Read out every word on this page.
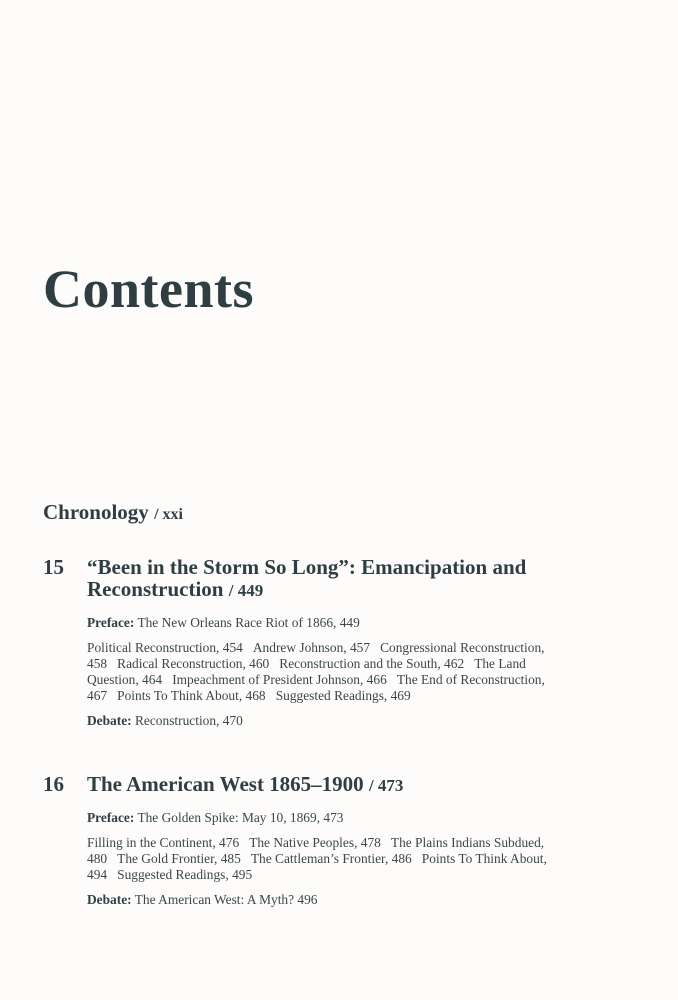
Contents
Chronology / xxi
15	“Been in the Storm So Long”: Emancipation and Reconstruction / 449

Preface: The New Orleans Race Riot of 1866, 449

Political Reconstruction, 454 Andrew Johnson, 457 Congressional Reconstruction, 458 Radical Reconstruction, 460 Reconstruction and the South, 462 The Land Question, 464 Impeachment of President Johnson, 466 The End of Reconstruction, 467 Points To Think About, 468 Suggested Readings, 469

Debate: Reconstruction, 470

16	The American West 1865–1900 / 473

Preface: The Golden Spike: May 10, 1869, 473

Filling in the Continent, 476 The Native Peoples, 478 The Plains Indians Subdued, 480 The Gold Frontier, 485 The Cattleman’s Frontier, 486 Points To Think About, 494 Suggested Readings, 495

Debate: The American West: A Myth? 496
